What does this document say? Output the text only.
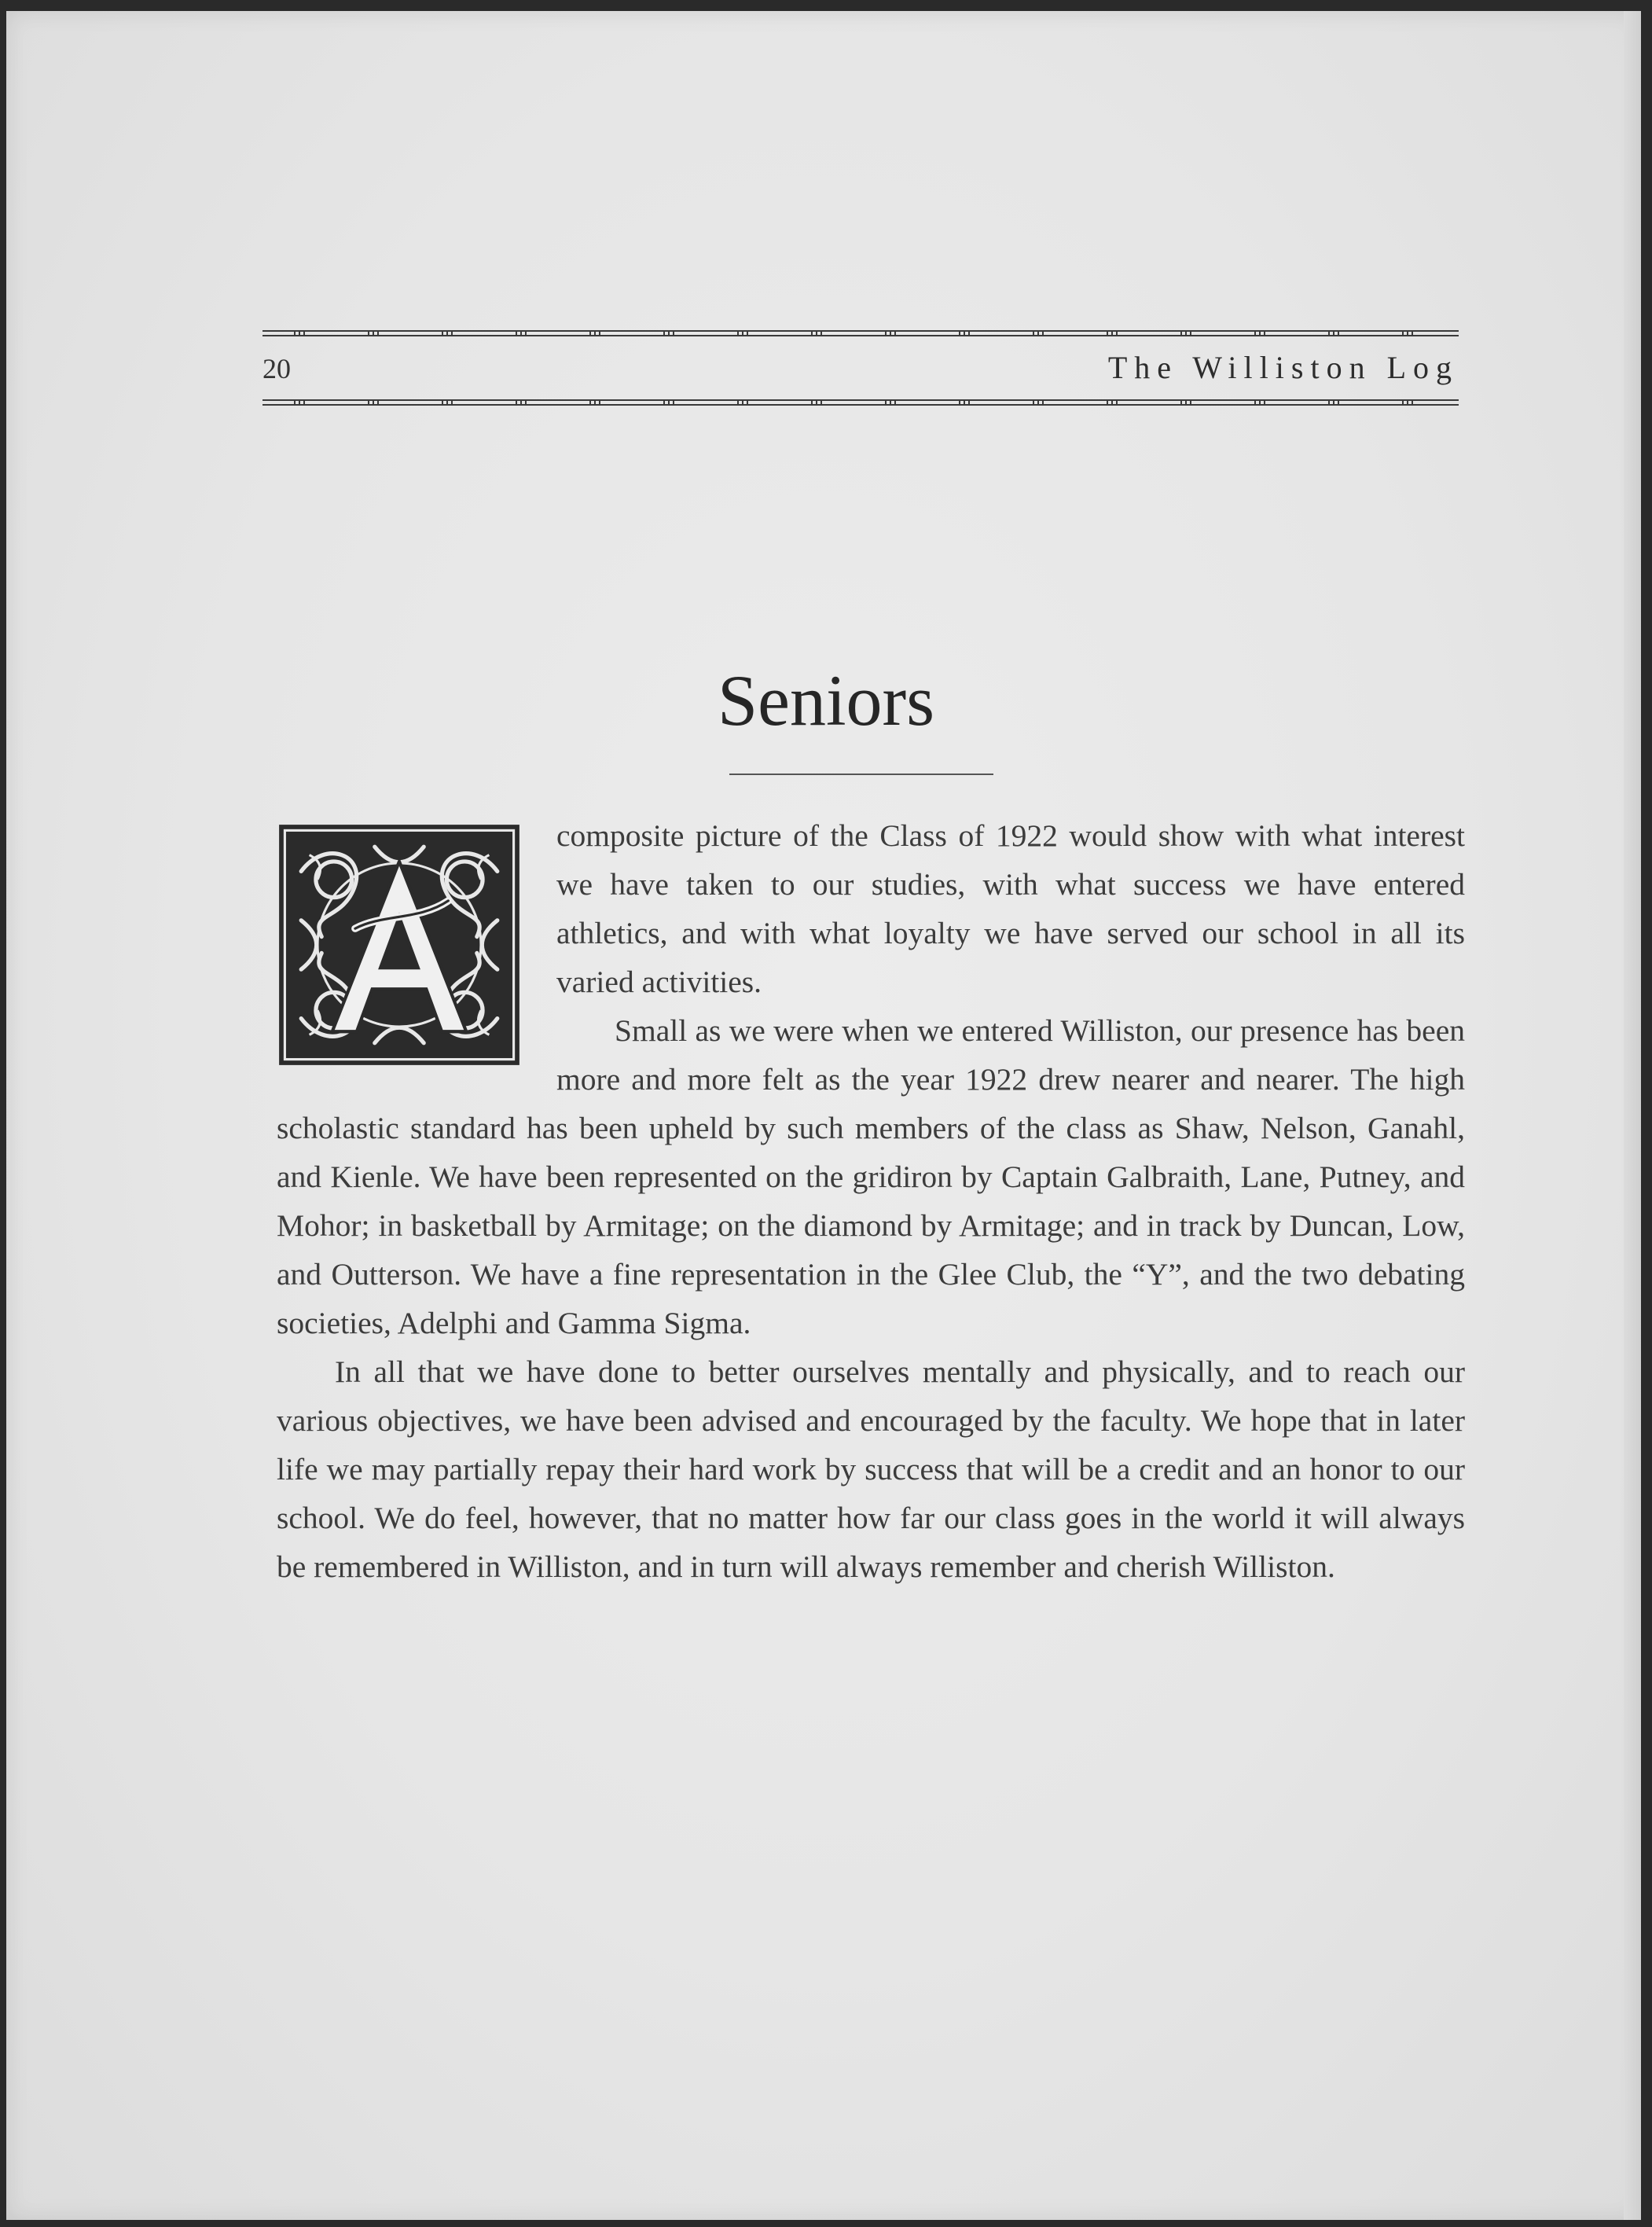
20	The Williston Log
Seniors

composite picture of the Class of 1922 would show with what interest we have taken to our studies, with what success we have entered athletics, and with what loyalty we have served our school in all its varied activities.

Small as we were when we entered Williston, our presence has been more and more felt as the year 1922 drew nearer and nearer. The high scholastic standard has been upheld by such members of the class as Shaw, Nelson, Ganahl, and Kienle. We have been represented on the gridiron by Captain Galbraith, Lane, Putney, and Mohor; in basketball by Armitage; on the diamond by Armitage; and in track by Duncan, Low, and Outterson. We have a fine representation in the Glee Club, the “Y”, and the two debating societies, Adelphi and Gamma Sigma.

In all that we have done to better ourselves mentally and physically, and to reach our various objectives, we have been advised and encouraged by the faculty. We hope that in later life we may partially repay their hard work by success that will be a credit and an honor to our school. We do feel, however, that no matter how far our class goes in the world it will always be remembered in Williston, and in turn will always remember and cherish Williston.
